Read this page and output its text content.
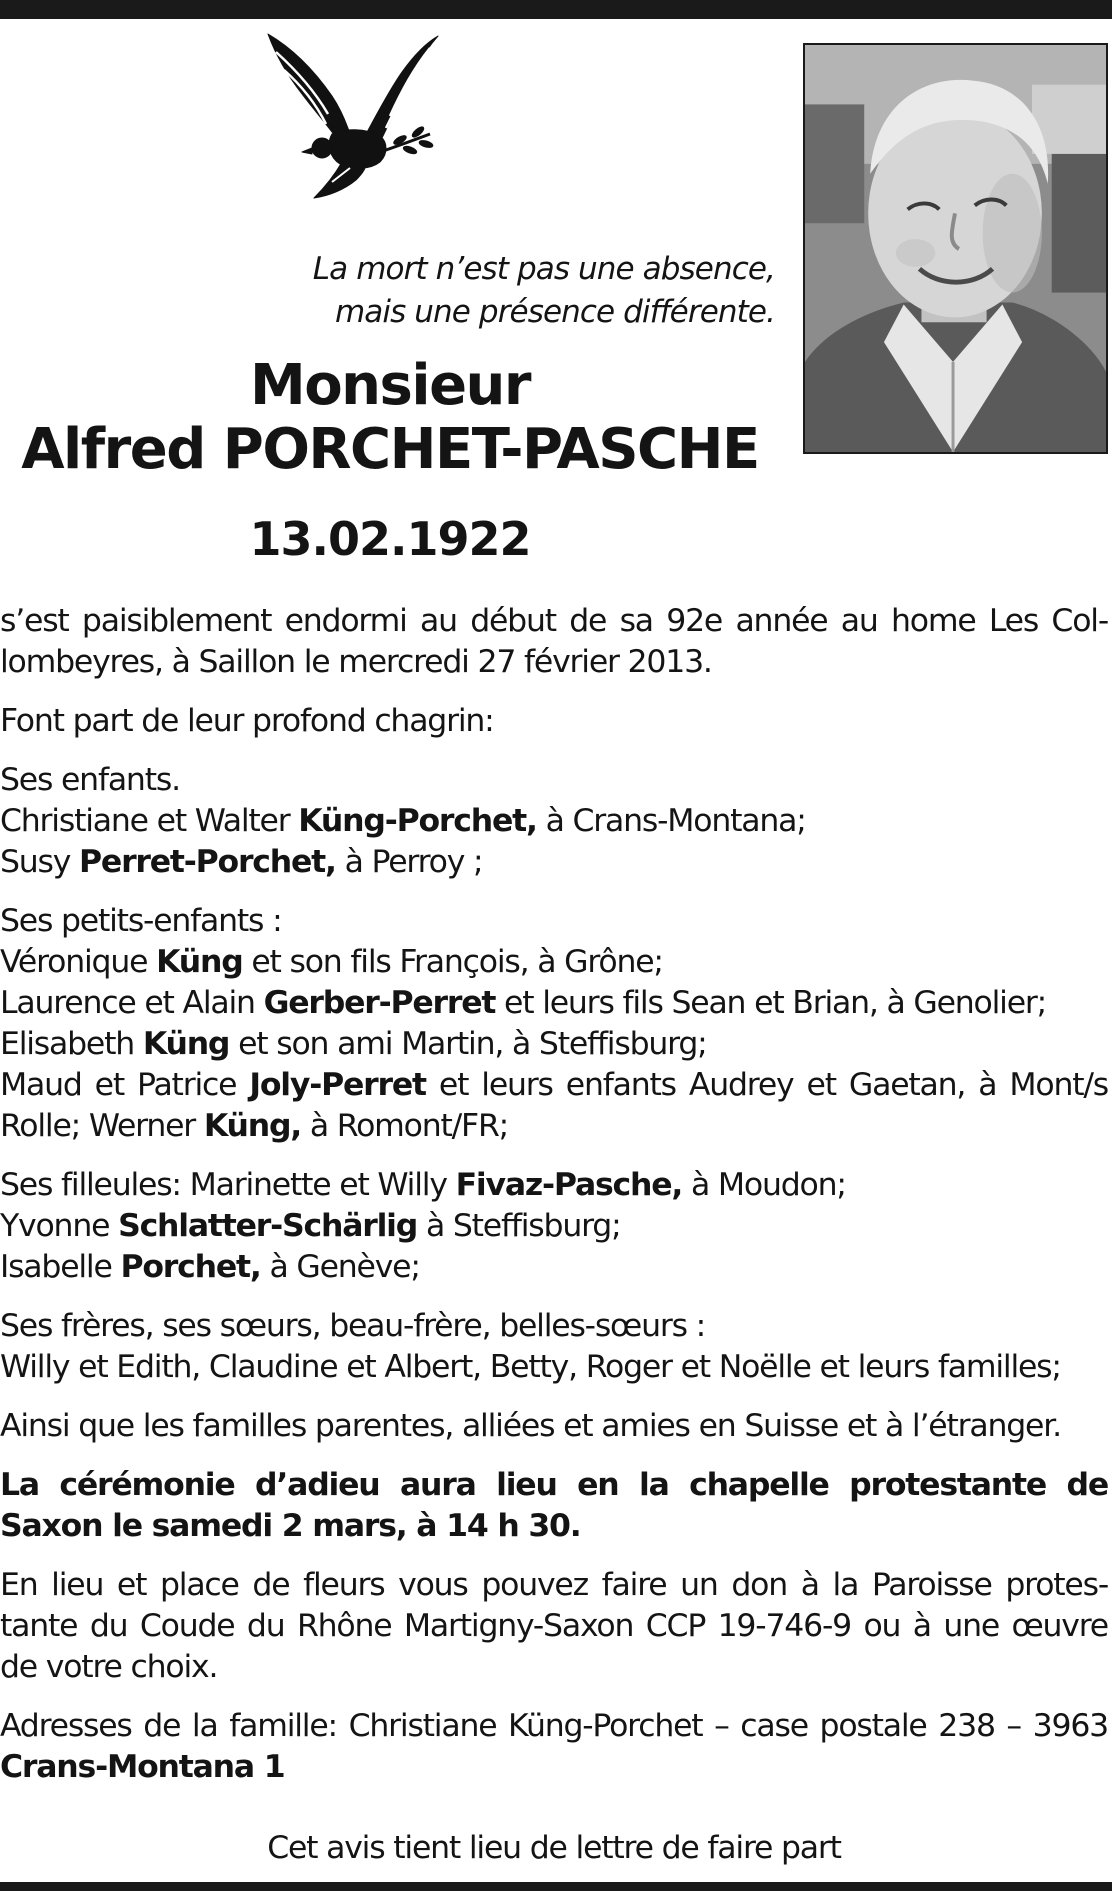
La mort n’est pas une absence,
mais une présence différente.
Monsieur
Alfred PORCHET-PASCHE
13.02.1922

s’est paisiblement endormi au début de sa 92e année au home Les Col-
lombeyres, à Saillon le mercredi 27 février 2013.

Font part de leur profond chagrin:

Ses enfants.
Christiane et Walter Küng-Porchet, à Crans-Montana;
Susy Perret-Porchet, à Perroy ;

Ses petits-enfants :
Véronique Küng et son fils François, à Grône;
Laurence et Alain Gerber-Perret et leurs fils Sean et Brian, à Genolier;
Elisabeth Küng et son ami Martin, à Steffisburg;
Maud et Patrice Joly-Perret et leurs enfants Audrey et Gaetan, à Mont/s
Rolle; Werner Küng, à Romont/FR;

Ses filleules: Marinette et Willy Fivaz-Pasche, à Moudon;
Yvonne Schlatter-Schärlig à Steffisburg;
Isabelle Porchet, à Genève;

Ses frères, ses sœurs, beau-frère, belles-sœurs :
Willy et Edith, Claudine et Albert, Betty, Roger et Noëlle et leurs familles;

Ainsi que les familles parentes, alliées et amies en Suisse et à l’étranger.

La cérémonie d’adieu aura lieu en la chapelle protestante de
Saxon le samedi 2 mars, à 14 h 30.

En lieu et place de fleurs vous pouvez faire un don à la Paroisse protes-
tante du Coude du Rhône Martigny-Saxon CCP 19-746-9 ou à une œuvre
de votre choix.

Adresses de la famille: Christiane Küng-Porchet – case postale 238 – 3963
Crans-Montana 1

Cet avis tient lieu de lettre de faire part
